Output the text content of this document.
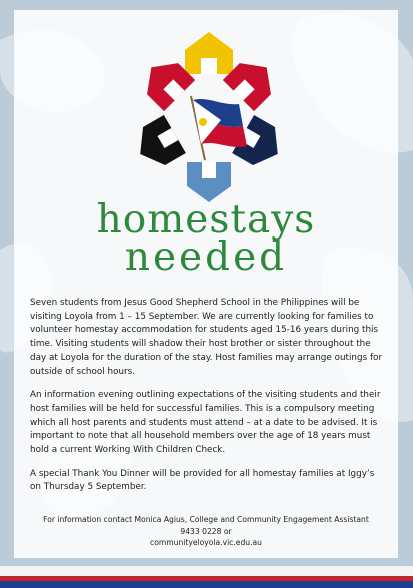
homestays
needed

Seven students from Jesus Good Shepherd School in the Philippines will be visiting Loyola from 1 – 15 September. We are currently looking for families to volunteer homestay accommodation for students aged 15-16 years during this time. Visiting students will shadow their host brother or sister throughout the day at Loyola for the duration of the stay. Host families may arrange outings for outside of school hours.

An information evening outlining expectations of the visiting students and their host families will be held for successful families. This is a compulsory meeting which all host parents and students must attend – at a date to be advised. It is important to note that all household members over the age of 18 years must hold a current Working With Children Check.

A special Thank You Dinner will be provided for all homestay families at Iggy’s on Thursday 5 September.

For information contact Monica Agius, College and Community Engagement Assistant
9433 0228 or
communityeloyola.vic.edu.au
